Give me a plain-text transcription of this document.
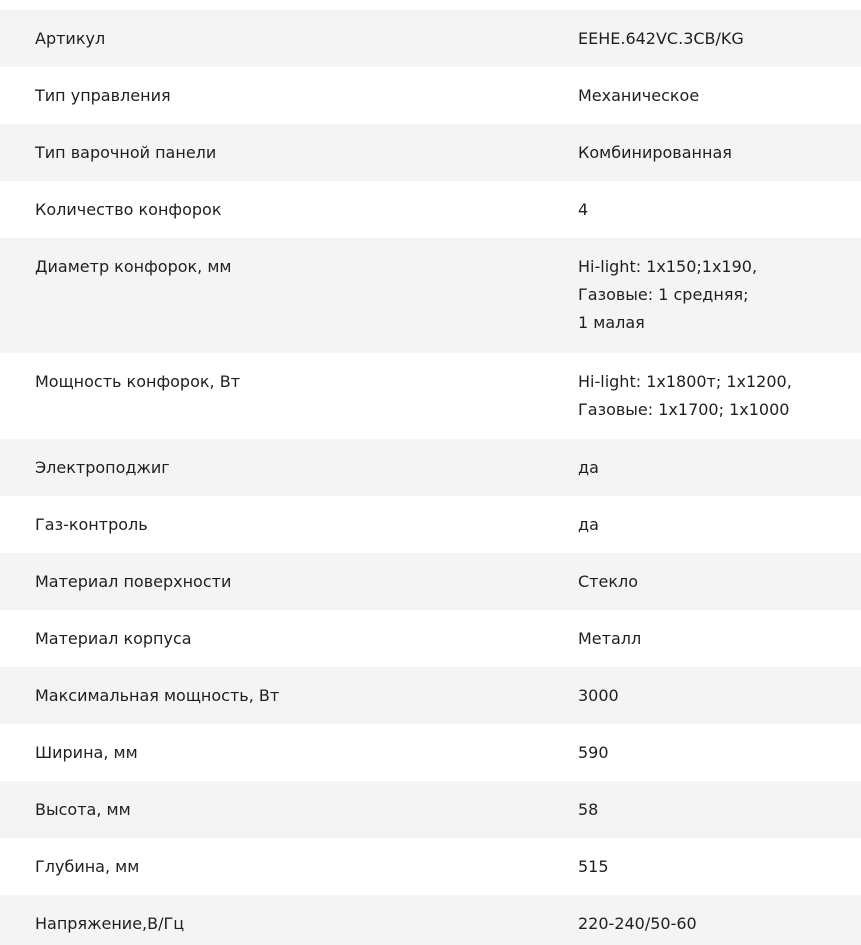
Артикул	EEHE.642VC.3CB/KG
Тип управления	Механическое
Тип варочной панели	Комбинированная
Количество конфорок	4
Диаметр конфорок, мм	Hi-light: 1x150;1x190,
Газовые: 1 средняя;
1 малая
Мощность конфорок, Вт	Hi-light: 1x1800т; 1x1200,
Газовые: 1x1700; 1x1000
Электроподжиг	да
Газ-контроль	да
Материал поверхности	Стекло
Материал корпуса	Металл
Максимальная мощность, Вт	3000
Ширина, мм	590
Высота, мм	58
Глубина, мм	515
Напряжение,В/Гц	220-240/50-60
